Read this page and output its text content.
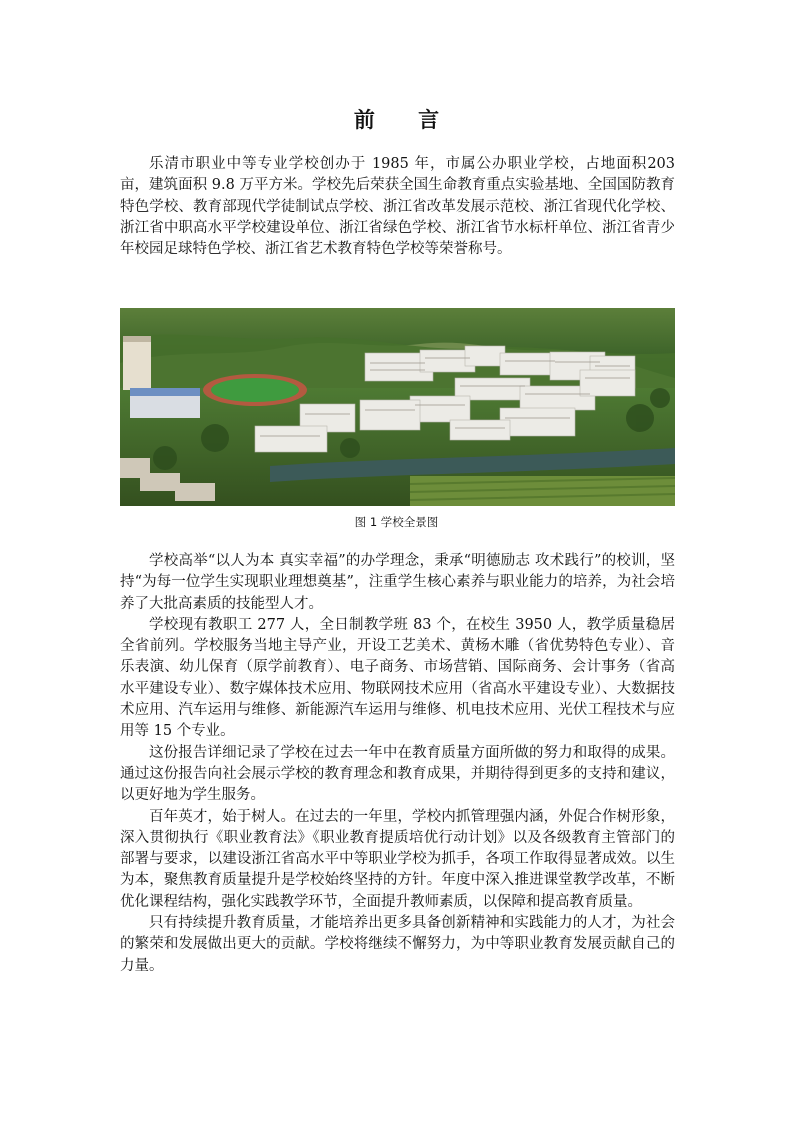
前 言

乐清市职业中等专业学校创办于 1985 年，市属公办职业学校，占地面积203 亩，建筑面积 9.8 万平方米。学校先后荣获全国生命教育重点实验基地、全国国防教育特色学校、教育部现代学徒制试点学校、浙江省改革发展示范校、浙江省现代化学校、浙江省中职高水平学校建设单位、浙江省绿色学校、浙江省节水标杆单位、浙江省青少年校园足球特色学校、浙江省艺术教育特色学校等荣誉称号。

图 1 学校全景图

学校高举“以人为本 真实幸福”的办学理念，秉承“明德励志 攻术践行”的校训，坚持“为每一位学生实现职业理想奠基”，注重学生核心素养与职业能力的培养，为社会培养了大批高素质的技能型人才。

学校现有教职工 277 人，全日制教学班 83 个，在校生 3950 人，教学质量稳居全省前列。学校服务当地主导产业，开设工艺美术、黄杨木雕（省优势特色专业）、音乐表演、幼儿保育（原学前教育）、电子商务、市场营销、国际商务、会计事务（省高水平建设专业）、数字媒体技术应用、物联网技术应用（省高水平建设专业）、大数据技术应用、汽车运用与维修、新能源汽车运用与维修、机电技术应用、光伏工程技术与应用等 15 个专业。

这份报告详细记录了学校在过去一年中在教育质量方面所做的努力和取得的成果。通过这份报告向社会展示学校的教育理念和教育成果，并期待得到更多的支持和建议，以更好地为学生服务。

百年英才，始于树人。在过去的一年里，学校内抓管理强内涵，外促合作树形象，深入贯彻执行《职业教育法》《职业教育提质培优行动计划》以及各级教育主管部门的部署与要求，以建设浙江省高水平中等职业学校为抓手，各项工作取得显著成效。以生为本，聚焦教育质量提升是学校始终坚持的方针。年度中深入推进课堂教学改革，不断优化课程结构，强化实践教学环节，全面提升教师素质，以保障和提高教育质量。

只有持续提升教育质量，才能培养出更多具备创新精神和实践能力的人才，为社会的繁荣和发展做出更大的贡献。学校将继续不懈努力，为中等职业教育发展贡献自己的力量。
